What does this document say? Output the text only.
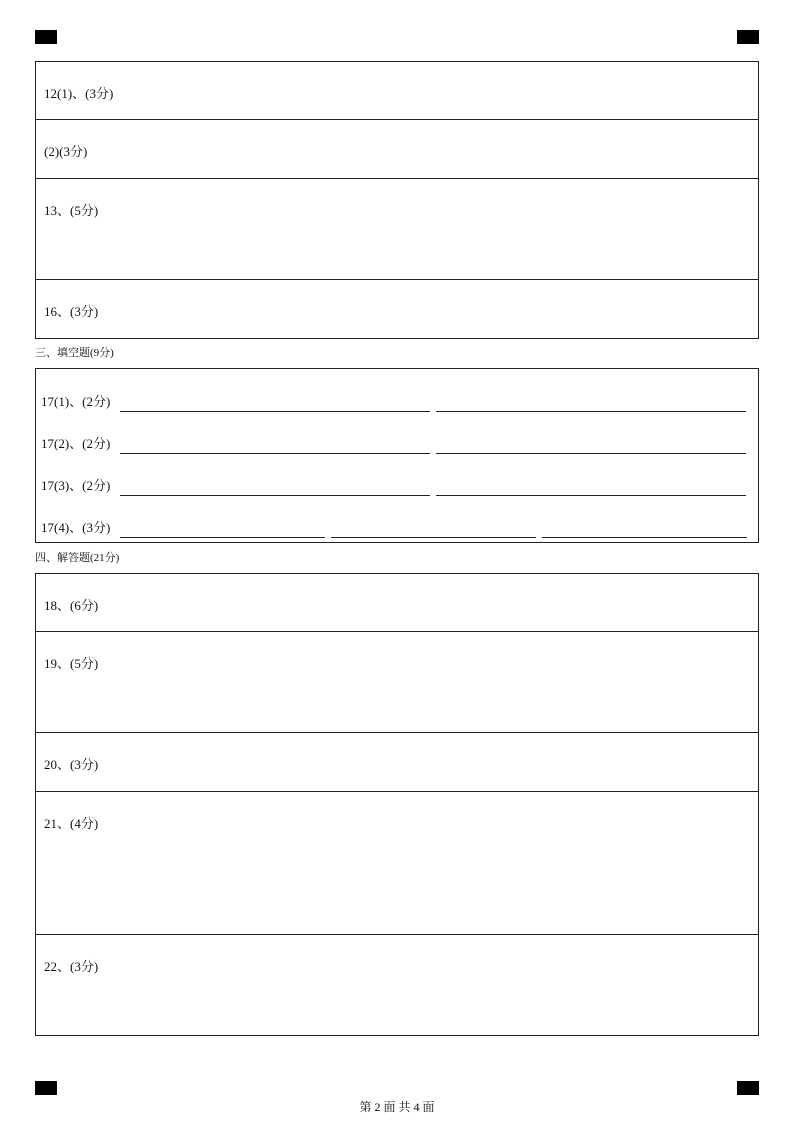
12(1)、(3分)
(2)(3分)
13、(5分)
16、(3分)
三、填空题(9分)
17(1)、(2分)
17(2)、(2分)
17(3)、(2分)
17(4)、(3分)
四、解答题(21分)
18、(6分)
19、(5分)
20、(3分)
21、(4分)
22、(3分)
第 2 面 共 4 面
